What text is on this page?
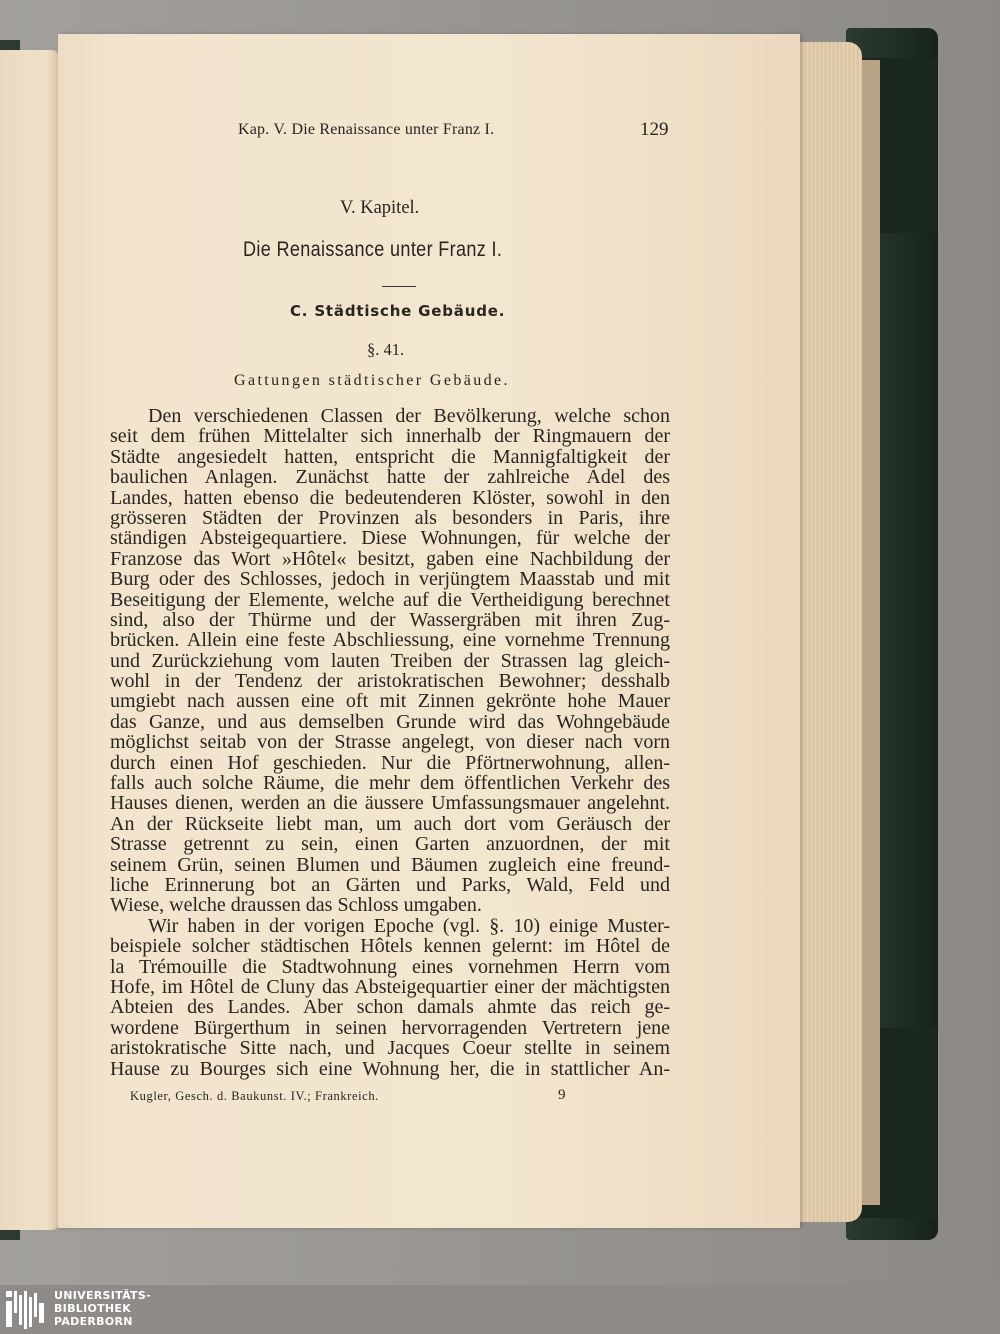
Kap. V. Die Renaissance unter Franz I.	129
V. Kapitel.
Die Renaissance unter Franz I.
C. Städtische Gebäude.
§. 41.
Gattungen städtischer Gebäude.
Den verschiedenen Classen der Bevölkerung, welche schon
seit dem frühen Mittelalter sich innerhalb der Ringmauern der
Städte angesiedelt hatten, entspricht die Mannigfaltigkeit der
baulichen Anlagen. Zunächst hatte der zahlreiche Adel des
Landes, hatten ebenso die bedeutenderen Klöster, sowohl in den
grösseren Städten der Provinzen als besonders in Paris, ihre
ständigen Absteigequartiere. Diese Wohnungen, für welche der
Franzose das Wort »Hôtel« besitzt, gaben eine Nachbildung der
Burg oder des Schlosses, jedoch in verjüngtem Maasstab und mit
Beseitigung der Elemente, welche auf die Vertheidigung berechnet
sind, also der Thürme und der Wassergräben mit ihren Zug-
brücken. Allein eine feste Abschliessung, eine vornehme Trennung
und Zurückziehung vom lauten Treiben der Strassen lag gleich-
wohl in der Tendenz der aristokratischen Bewohner; desshalb
umgiebt nach aussen eine oft mit Zinnen gekrönte hohe Mauer
das Ganze, und aus demselben Grunde wird das Wohngebäude
möglichst seitab von der Strasse angelegt, von dieser nach vorn
durch einen Hof geschieden. Nur die Pförtnerwohnung, allen-
falls auch solche Räume, die mehr dem öffentlichen Verkehr des
Hauses dienen, werden an die äussere Umfassungsmauer angelehnt.
An der Rückseite liebt man, um auch dort vom Geräusch der
Strasse getrennt zu sein, einen Garten anzuordnen, der mit
seinem Grün, seinen Blumen und Bäumen zugleich eine freund-
liche Erinnerung bot an Gärten und Parks, Wald, Feld und
Wiese, welche draussen das Schloss umgaben.
Wir haben in der vorigen Epoche (vgl. §. 10) einige Muster-
beispiele solcher städtischen Hôtels kennen gelernt: im Hôtel de
la Trémouille die Stadtwohnung eines vornehmen Herrn vom
Hofe, im Hôtel de Cluny das Absteigequartier einer der mächtigsten
Abteien des Landes. Aber schon damals ahmte das reich ge-
wordene Bürgerthum in seinen hervorragenden Vertretern jene
aristokratische Sitte nach, und Jacques Coeur stellte in seinem
Hause zu Bourges sich eine Wohnung her, die in stattlicher An-
Kugler, Gesch. d. Baukunst. IV.; Frankreich.	9
UNIVERSITÄTS-
BIBLIOTHEK
PADERBORN
